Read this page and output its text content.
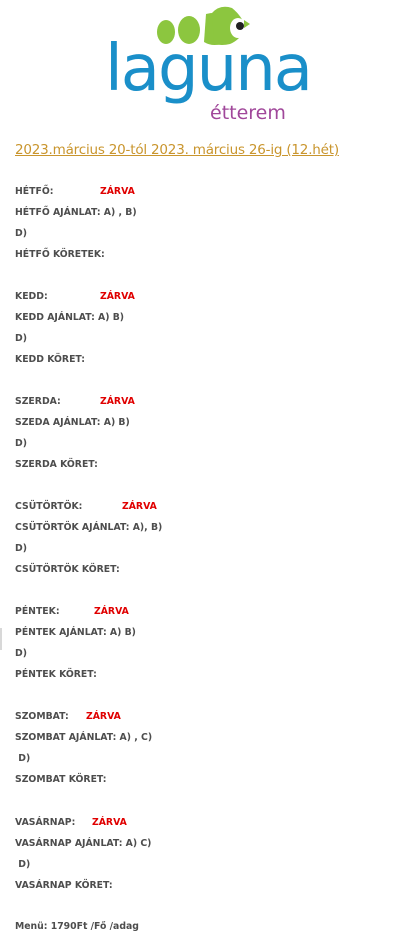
laguna
étterem
2023.március 20-tól 2023. március 26-ig (12.hét)
HÉTFŐ:	ZÁRVA
HÉTFŐ AJÁNLAT: A) , B)
D)
HÉTFŐ KÖRETEK:
KEDD:	ZÁRVA
KEDD AJÁNLAT: A) B)
D)
KEDD KÖRET:
SZERDA:	ZÁRVA
SZEDA AJÁNLAT: A) B)
D)
SZERDA KÖRET:
CSÜTÖRTÖK:	ZÁRVA
CSÜTÖRTÖK AJÁNLAT: A), B)
D)
CSÜTÖRTÖK KÖRET:
PÉNTEK:	ZÁRVA
PÉNTEK AJÁNLAT: A) B)
D)
PÉNTEK KÖRET:
SZOMBAT: ZÁRVA
SZOMBAT AJÁNLAT: A) , C)
D)
SZOMBAT KÖRET:
VASÁRNAP: ZÁRVA
VASÁRNAP AJÁNLAT: A) C)
D)
VASÁRNAP KÖRET:
Menü: 1790Ft /Fő /adag
